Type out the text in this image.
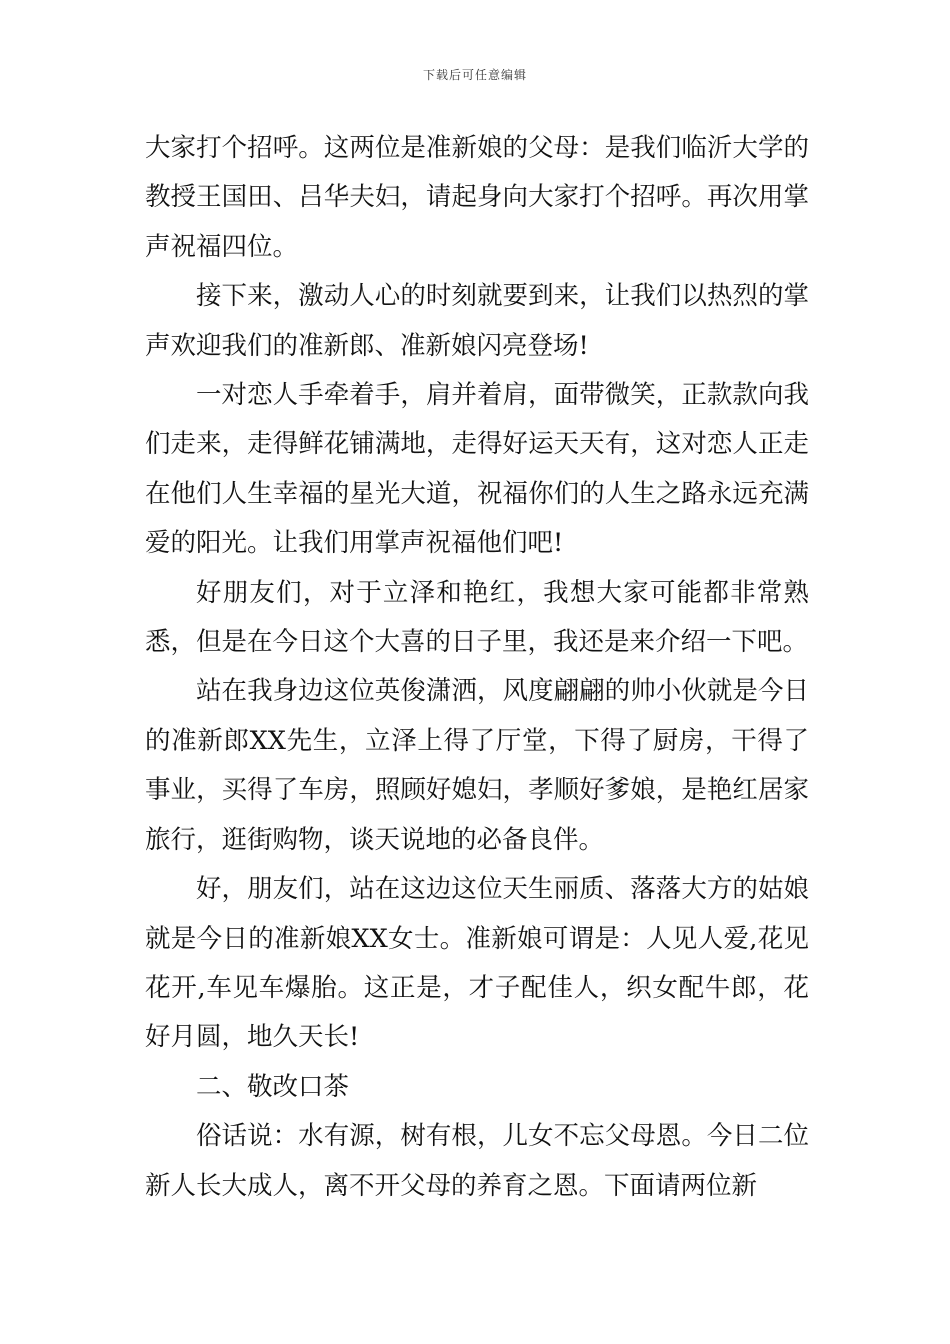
下载后可任意编辑

大家打个招呼。这两位是准新娘的父母：是我们临沂大学的教授王国田、吕华夫妇，请起身向大家打个招呼。再次用掌声祝福四位。

接下来，激动人心的时刻就要到来，让我们以热烈的掌声欢迎我们的准新郎、准新娘闪亮登场!

一对恋人手牵着手，肩并着肩，面带微笑，正款款向我们走来，走得鲜花铺满地，走得好运天天有，这对恋人正走在他们人生幸福的星光大道，祝福你们的人生之路永远充满爱的阳光。让我们用掌声祝福他们吧!

好朋友们，对于立泽和艳红，我想大家可能都非常熟悉，但是在今日这个大喜的日子里，我还是来介绍一下吧。

站在我身边这位英俊潇洒，风度翩翩的帅小伙就是今日的准新郎XX先生，立泽上得了厅堂，下得了厨房，干得了事业，买得了车房，照顾好媳妇，孝顺好爹娘，是艳红居家旅行，逛街购物，谈天说地的必备良伴。

好，朋友们，站在这边这位天生丽质、落落大方的姑娘就是今日的准新娘XX女士。准新娘可谓是：人见人爱,花见花开,车见车爆胎。这正是，才子配佳人，织女配牛郎，花好月圆，地久天长!

二、敬改口茶

俗话说：水有源，树有根，儿女不忘父母恩。今日二位新人长大成人，离不开父母的养育之恩。下面请两位新
